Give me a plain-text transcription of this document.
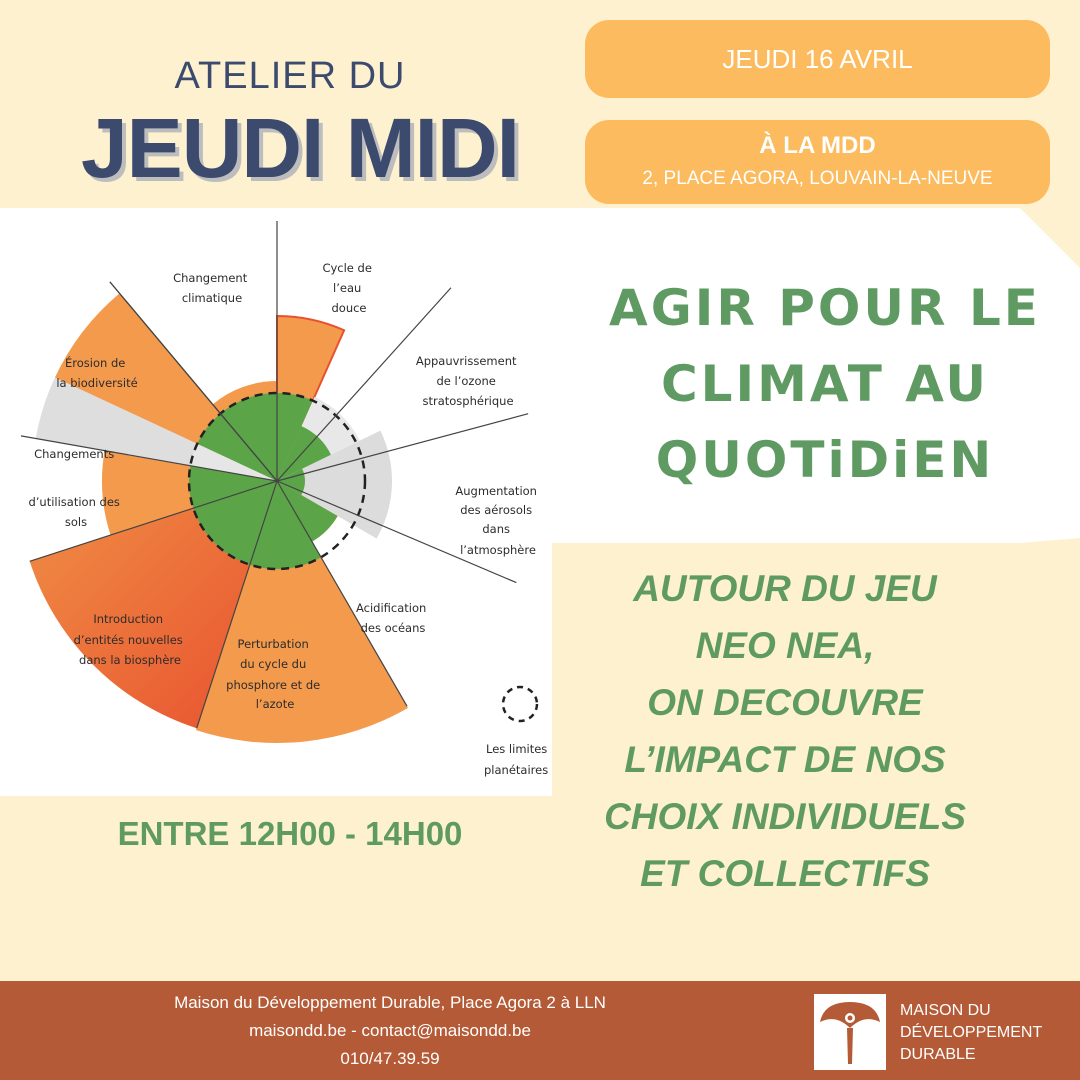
ATELIER DU
JEUDI MIDI
JEUDI 16 AVRIL
À LA MDD
2, PLACE AGORA, LOUVAIN-LA-NEUVE
Changement climatique
Cycle de l’eau douce
Appauvrissement de l’ozone stratosphérique
Augmentation des aérosols dans l’atmosphère
Acidification des océans
Perturbation du cycle du phosphore et de l’azote
Introduction d’entités nouvelles dans la biosphère
Changements d’utilisation des sols
Érosion de la biodiversité
Les limites planétaires
AGIR POUR LE
CLIMAT AU
QUOTiDiEN
AUTOUR DU JEU
NEO NEA,
ON DECOUVRE
L’IMPACT DE NOS
CHOIX INDIVIDUELS
ET COLLECTIFS
ENTRE 12H00 - 14H00
Maison du Développement Durable, Place Agora 2 à LLN
maisondd.be - contact@maisondd.be
010/47.39.59
MAISON DU
DÉVELOPPEMENT
DURABLE
